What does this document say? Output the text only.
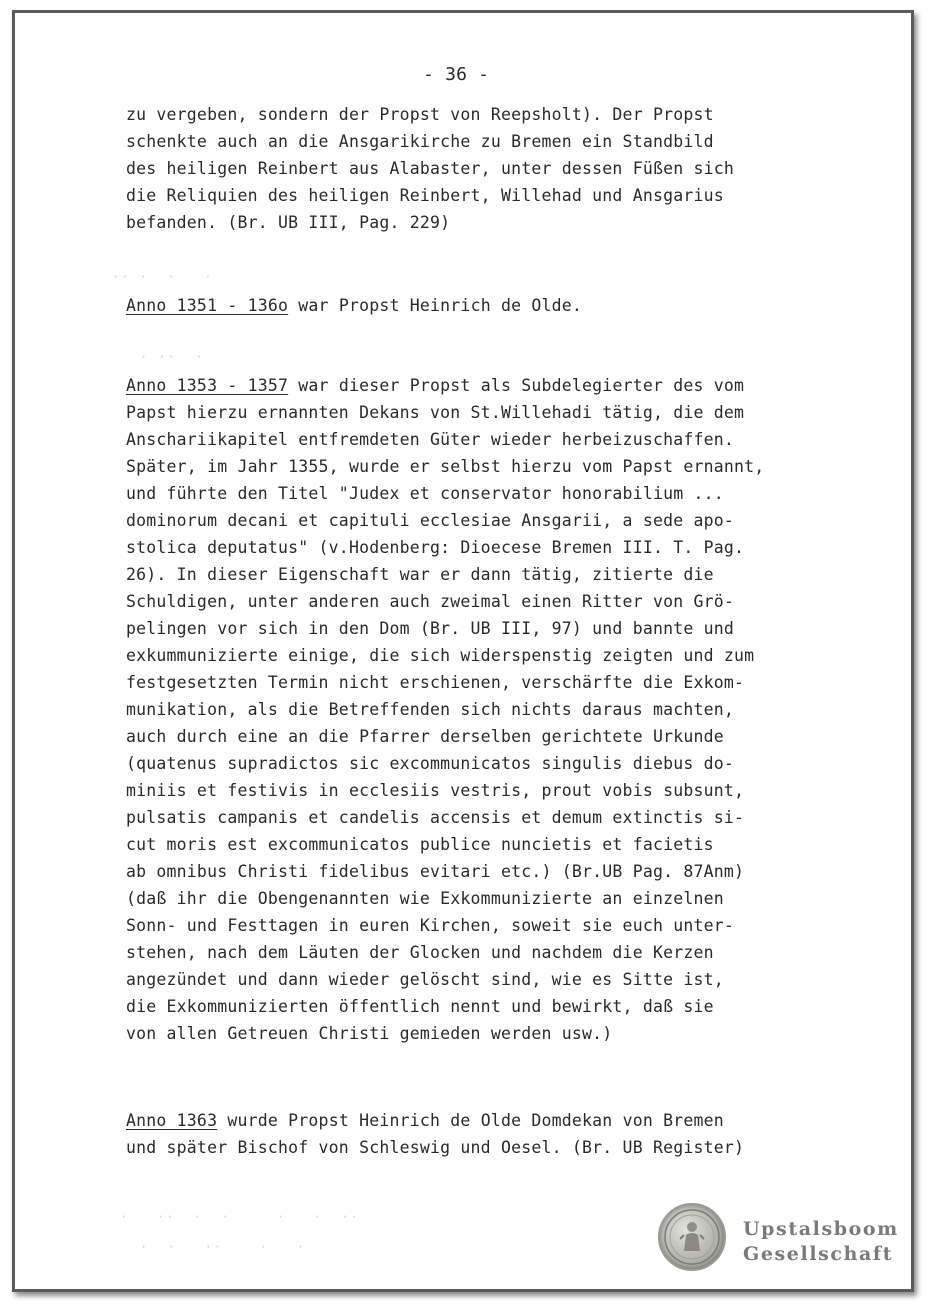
- 36 -
zu vergeben, sondern der Propst von Reepsholt). Der Propst
schenkte auch an die Ansgarikirche zu Bremen ein Standbild
des heiligen Reinbert aus Alabaster, unter dessen Füßen sich
die Reliquien des heiligen Reinbert, Willehad und Ansgarius
befanden. (Br. UB III, Pag. 229)
Anno 1351 - 136o war Propst Heinrich de Olde.
Anno 1353 - 1357 war dieser Propst als Subdelegierter des vom
Papst hierzu ernannten Dekans von St.Willehadi tätig, die dem
Anschariikapitel entfremdeten Güter wieder herbeizuschaffen.
Später, im Jahr 1355, wurde er selbst hierzu vom Papst ernannt,
und führte den Titel "Judex et conservator honorabilium ...
dominorum decani et capituli ecclesiae Ansgarii, a sede apo-
stolica deputatus" (v.Hodenberg: Dioecese Bremen III. T. Pag.
26). In dieser Eigenschaft war er dann tätig, zitierte die
Schuldigen, unter anderen auch zweimal einen Ritter von Grö-
pelingen vor sich in den Dom (Br. UB III, 97) und bannte und
exkummunizierte einige, die sich widerspenstig zeigten und zum
festgesetzten Termin nicht erschienen, verschärfte die Exkom-
munikation, als die Betreffenden sich nichts daraus machten,
auch durch eine an die Pfarrer derselben gerichtete Urkunde
(quatenus supradictos sic excommunicatos singulis diebus do-
miniis et festivis in ecclesiis vestris, prout vobis subsunt,
pulsatis campanis et candelis accensis et demum extinctis si-
cut moris est excommunicatos publice nuncietis et facietis
ab omnibus Christi fidelibus evitari etc.) (Br.UB Pag. 87Anm)
(daß ihr die Obengenannten wie Exkommunizierte an einzelnen
Sonn- und Festtagen in euren Kirchen, soweit sie euch unter-
stehen, nach dem Läuten der Glocken und nachdem die Kerzen
angezündet und dann wieder gelöscht sind, wie es Sitte ist,
die Exkommunizierten öffentlich nennt und bewirkt, daß sie
von allen Getreuen Christi gemieden werden usw.)
Anno 1363 wurde Propst Heinrich de Olde Domdekan von Bremen
und später Bischof von Schleswig und Oesel. (Br. UB Register)
·· ·  ·   ·
· ··  ·
·   ··  ·  ·     ·   ·  ··
·  ·   ··    ·   ·
Upstalsboom
Gesellschaft
